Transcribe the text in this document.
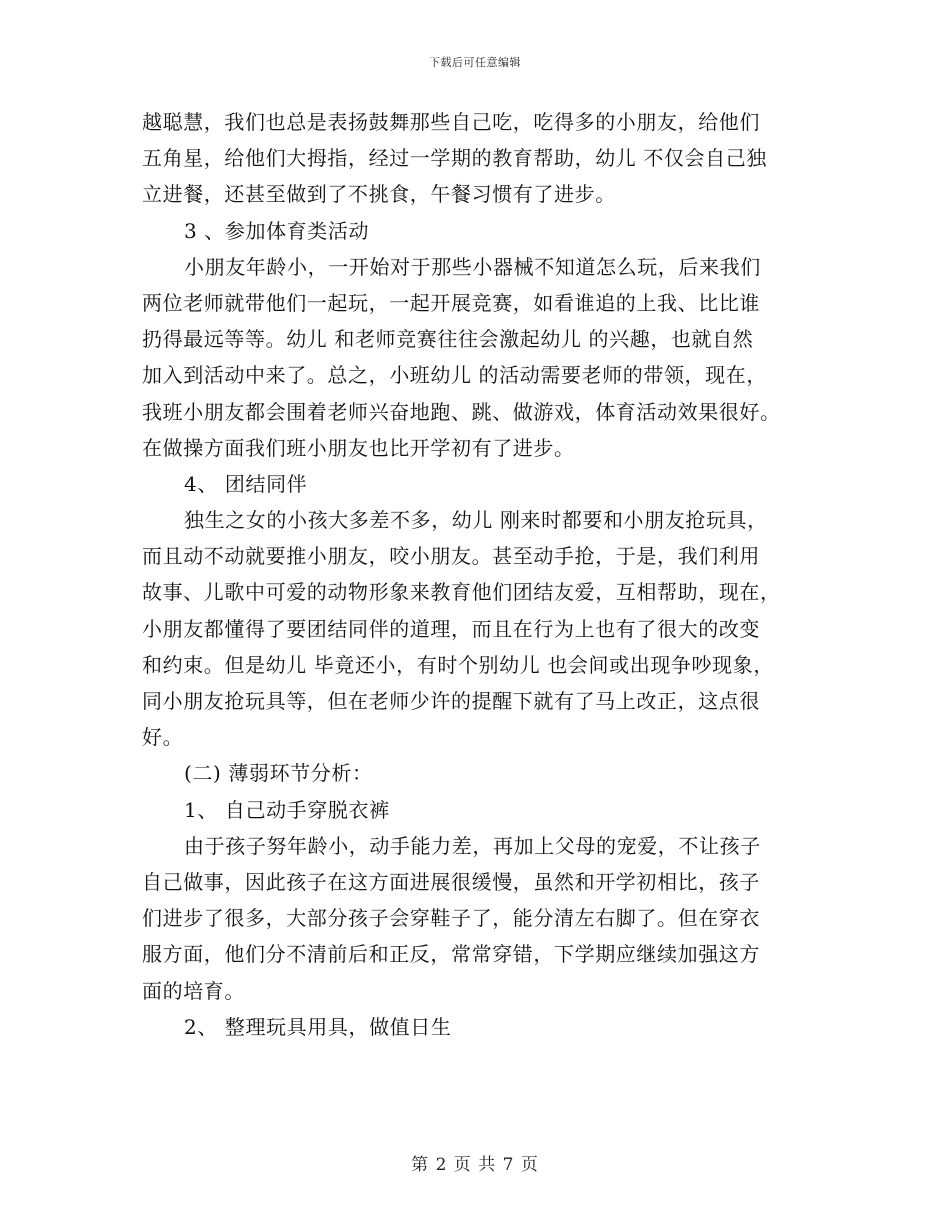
下载后可任意编辑
越聪慧，我们也总是表扬鼓舞那些自己吃，吃得多的小朋友，给他们
五角星，给他们大拇指，经过一学期的教育帮助，幼儿 不仅会自己独
立进餐，还甚至做到了不挑食，午餐习惯有了进步。
3 、参加体育类活动
小朋友年龄小，一开始对于那些小器械不知道怎么玩，后来我们
两位老师就带他们一起玩，一起开展竞赛，如看谁追的上我、比比谁
扔得最远等等。幼儿 和老师竞赛往往会激起幼儿 的兴趣，也就自然
加入到活动中来了。总之，小班幼儿 的活动需要老师的带领，现在，
我班小朋友都会围着老师兴奋地跑、跳、做游戏，体育活动效果很好。
在做操方面我们班小朋友也比开学初有了进步。
4、 团结同伴
独生之女的小孩大多差不多，幼儿 刚来时都要和小朋友抢玩具，
而且动不动就要推小朋友，咬小朋友。甚至动手抢，于是，我们利用
故事、儿歌中可爱的动物形象来教育他们团结友爱，互相帮助，现在，
小朋友都懂得了要团结同伴的道理，而且在行为上也有了很大的改变
和约束。但是幼儿 毕竟还小，有时个别幼儿 也会间或出现争吵现象，
同小朋友抢玩具等，但在老师少许的提醒下就有了马上改正，这点很
好。
(二) 薄弱环节分析：
1、 自己动手穿脱衣裤
由于孩子努年龄小，动手能力差，再加上父母的宠爱，不让孩子
自己做事，因此孩子在这方面进展很缓慢，虽然和开学初相比，孩子
们进步了很多，大部分孩子会穿鞋子了，能分清左右脚了。但在穿衣
服方面，他们分不清前后和正反，常常穿错，下学期应继续加强这方
面的培育。
2、 整理玩具用具，做值日生
第 2 页 共 7 页
